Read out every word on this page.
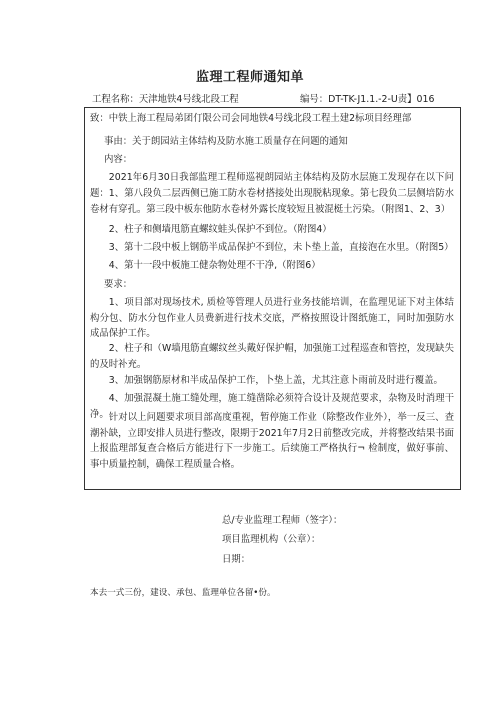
监理工程师通知单
工程名称：天津地铁4号线北段工程	编号：DT-TK-J1.1.-2-U责】016
致：中铁上海工程局弟团仃限公司会同地铁4号线北段工程土建2标项目经理部
事由：关于朗园站主体结构及防水施工质量存在问题的通知
内容：
2021年6月30日我部监理工程师巡视朗园站主体结构及防水层施工发现存在以下问题： 1、第八段负二层西侧已施工防水卷材搭接处出现脱粘现象。第七段负二层侧培防水卷材有穿孔。第三段中板东他防水卷材外露长度较短且被混梃土污染。（附图1、2、3）
2、柱子和侧墙甩筋直螺纹蛙头保护不到位。（附图4）
3、第十二段中板上钢筋半成品保护不到位，未卜垫上盖，直接泡在水里。（附图5）
4、第十一段中板施工健杂物处理不干净,（附图6）
要求：
1、项目部对现场技术, 质检等管理人员进行业务技能培训，在监理见证下对主体结构分包、防水分包作业人员费新进行技术交底，严格按照设计图纸施工，同时加强防水成品保护工作。
2、柱子和（W墙甩筋直螺纹丝头戴好保护帽，加强施工过程巡查和管控，发现缺失的及时补充。
3、加强钢筋原材和半成品保护工作，卜垫上盖，尤其注意卜雨前及时进行覆盖。
4、加强混凝土施工缝处理，施工缝凿除必须符合设计及规范要求，杂物及时消理干净。 针对以上问题要求项目部高度重视，暂停施工作业（除整改作业外），举一反三、查潮补缺，立即安排人员进行整改，限期于2021年7月2日前整改完成，并将整改结果书面上报监理部复查合格后方能进行下一步施工。后续施工严格执行¬ 检制度，做好事前、事中质量控制，确保工程质量合格。
总/专业监理工程师（签字）：
项目监理机构（公章）：
日期：
本去一式三份，建设、承包、监理单位各留•份。
